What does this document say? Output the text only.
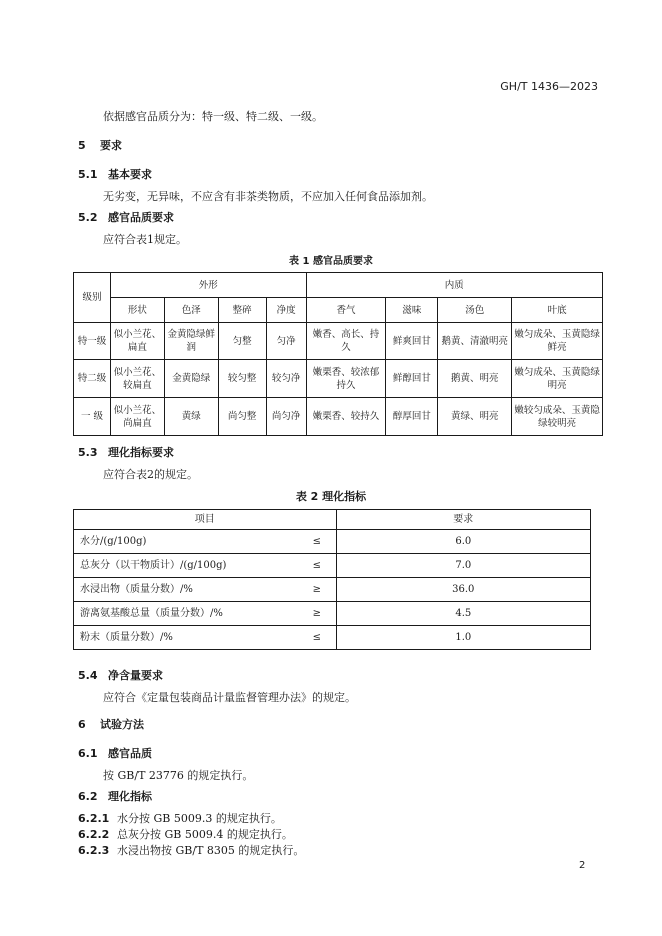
GH/T 1436—2023
依据感官品质分为：特一级、特二级、一级。
5 要求
5.1 基本要求
无劣变，无异味，不应含有非茶类物质，不应加入任何食品添加剂。
5.2 感官品质要求
应符合表1规定。
表 1 感官品质要求
级别	外形				内质			
	形状	色泽	整碎	净度	香气	滋味	汤色	叶底
特一级	似小兰花、扁直	金黄隐绿鲜润	匀整	匀净	嫩香、高长、持久	鲜爽回甘	鹅黄、清澈明亮	嫩匀成朵、玉黄隐绿鲜亮
特二级	似小兰花、较扁直	金黄隐绿	较匀整	较匀净	嫩栗香、较浓郁持久	鲜醇回甘	鹅黄、明亮	嫩匀成朵、玉黄隐绿明亮
一 级	似小兰花、尚扁直	黄绿	尚匀整	尚匀净	嫩栗香、较持久	醇厚回甘	黄绿、明亮	嫩较匀成朵、玉黄隐绿较明亮
5.3 理化指标要求
应符合表2的规定。
表 2 理化指标
项目		要求
水分/(g/100g)	≤	6.0
总灰分（以干物质计）/(g/100g)	≤	7.0
水浸出物（质量分数）/%	≥	36.0
游离氨基酸总量（质量分数）/%	≥	4.5
粉末（质量分数）/%	≤	1.0
5.4 净含量要求
应符合《定量包装商品计量监督管理办法》的规定。
6 试验方法
6.1 感官品质
按 GB/T 23776 的规定执行。
6.2 理化指标
6.2.1 水分按 GB 5009.3 的规定执行。
6.2.2 总灰分按 GB 5009.4 的规定执行。
6.2.3 水浸出物按 GB/T 8305 的规定执行。
2
